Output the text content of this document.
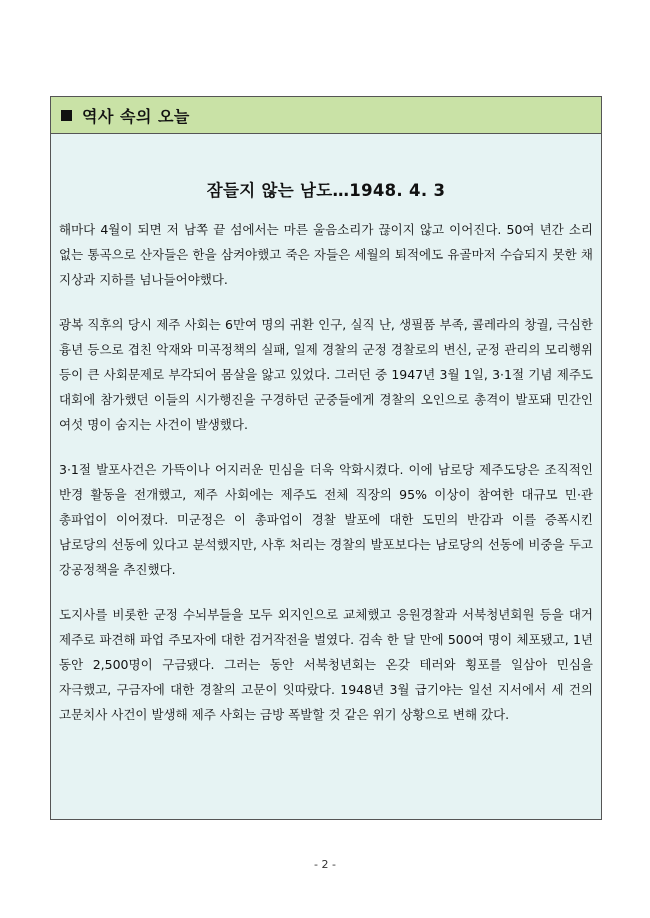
역사 속의 오늘
잠들지 않는 남도…1948. 4. 3

해마다 4월이 되면 저 남쪽 끝 섬에서는 마른 울음소리가 끊이지 않고 이어진다. 50여 년간 소리 없는 통곡으로 산자들은 한을 삼켜야했고 죽은 자들은 세월의 퇴적에도 유골마저 수습되지 못한 채 지상과 지하를 넘나들어야했다.

광복 직후의 당시 제주 사회는 6만여 명의 귀환 인구, 실직 난, 생필품 부족, 콜레라의 창궐, 극심한 흉년 등으로 겹친 악재와 미곡정책의 실패, 일제 경찰의 군정 경찰로의 변신, 군정 관리의 모리행위 등이 큰 사회문제로 부각되어 몸살을 앓고 있었다. 그러던 중 1947년 3월 1일, 3·1절 기념 제주도 대회에 참가했던 이들의 시가행진을 구경하던 군중들에게 경찰의 오인으로 총격이 발포돼 민간인 여섯 명이 숨지는 사건이 발생했다.

3·1절 발포사건은 가뜩이나 어지러운 민심을 더욱 악화시켰다. 이에 남로당 제주도당은 조직적인 반경 활동을 전개했고, 제주 사회에는 제주도 전체 직장의 95% 이상이 참여한 대규모 민·관 총파업이 이어졌다. 미군정은 이 총파업이 경찰 발포에 대한 도민의 반감과 이를 증폭시킨 남로당의 선동에 있다고 분석했지만, 사후 처리는 경찰의 발포보다는 남로당의 선동에 비중을 두고 강공정책을 추진했다.

도지사를 비롯한 군정 수뇌부들을 모두 외지인으로 교체했고 응원경찰과 서북청년회원 등을 대거 제주로 파견해 파업 주모자에 대한 검거작전을 벌였다. 검속 한 달 만에 500여 명이 체포됐고, 1년 동안 2,500명이 구금됐다. 그러는 동안 서북청년회는 온갖 테러와 횡포를 일삼아 민심을 자극했고, 구금자에 대한 경찰의 고문이 잇따랐다. 1948년 3월 급기야는 일선 지서에서 세 건의 고문치사 사건이 발생해 제주 사회는 금방 폭발할 것 같은 위기 상황으로 변해 갔다.

- 2 -
